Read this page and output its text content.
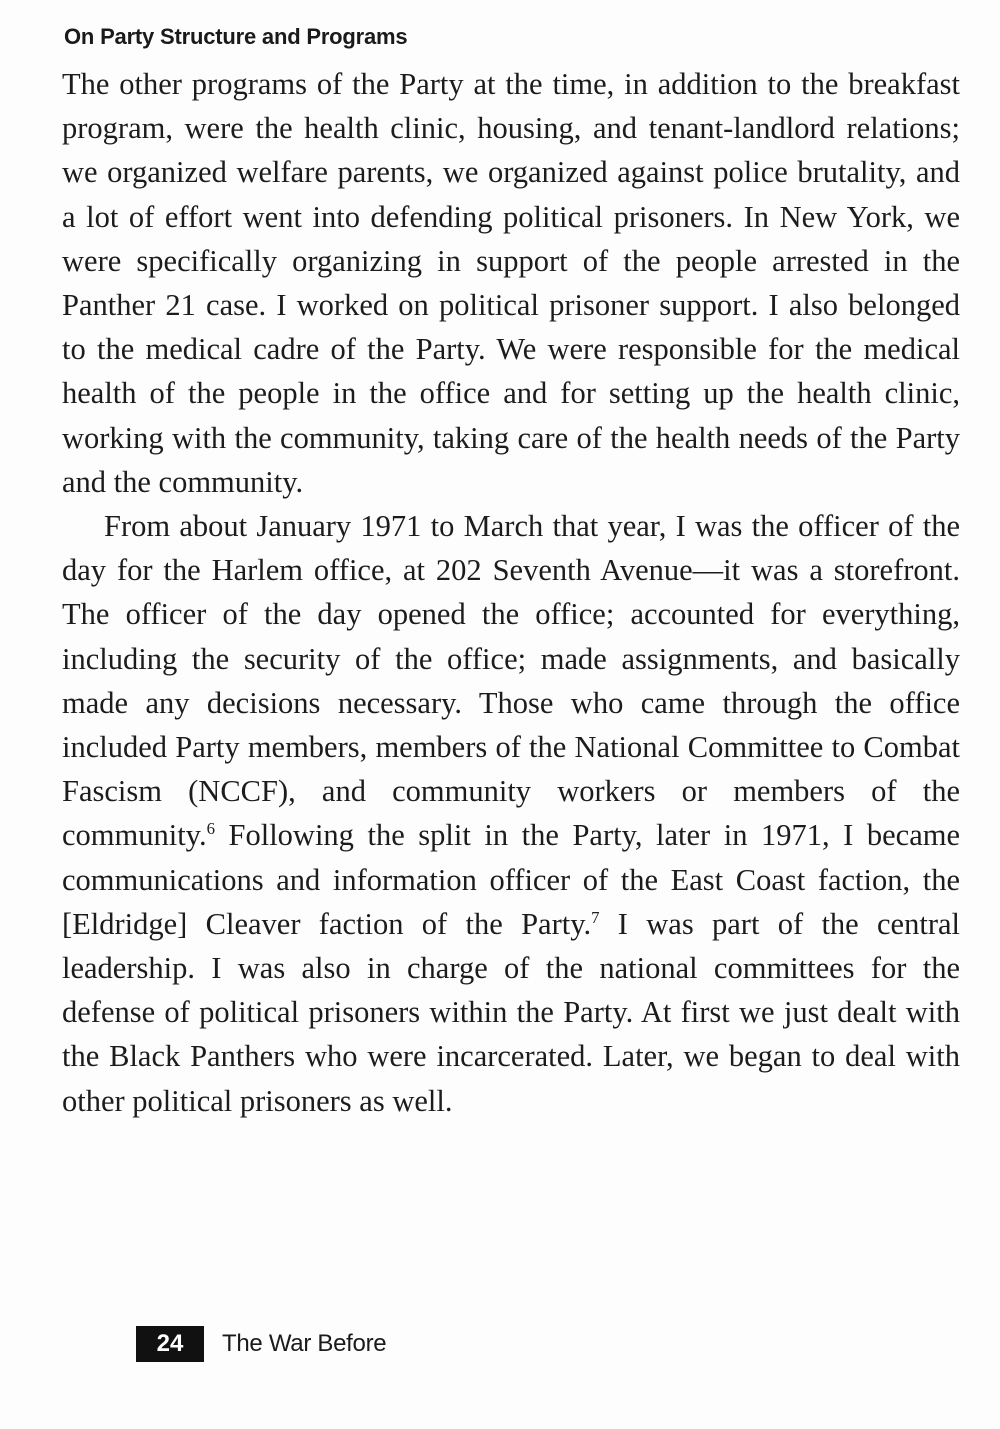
On Party Structure and Programs

The other programs of the Party at the time, in addition to the breakfast program, were the health clinic, housing, and tenant-landlord relations; we organized welfare parents, we organized against police brutality, and a lot of effort went into defending political prisoners. In New York, we were specifically organizing in support of the people arrested in the Panther 21 case. I worked on political prisoner support. I also belonged to the medical cadre of the Party. We were responsible for the medical health of the people in the office and for setting up the health clinic, working with the community, taking care of the health needs of the Party and the community.

From about January 1971 to March that year, I was the officer of the day for the Harlem office, at 202 Seventh Avenue—it was a storefront. The officer of the day opened the office; accounted for everything, including the security of the office; made assignments, and basically made any decisions necessary. Those who came through the office included Party members, members of the National Committee to Combat Fascism (NCCF), and community workers or members of the community.$^6$ Following the split in the Party, later in 1971, I became communications and information officer of the East Coast faction, the [Eldridge] Cleaver faction of the Party.$^7$ I was part of the central leadership. I was also in charge of the national committees for the defense of political prisoners within the Party. At first we just dealt with the Black Panthers who were incarcerated. Later, we began to deal with other political prisoners as well.

24	The War Before
